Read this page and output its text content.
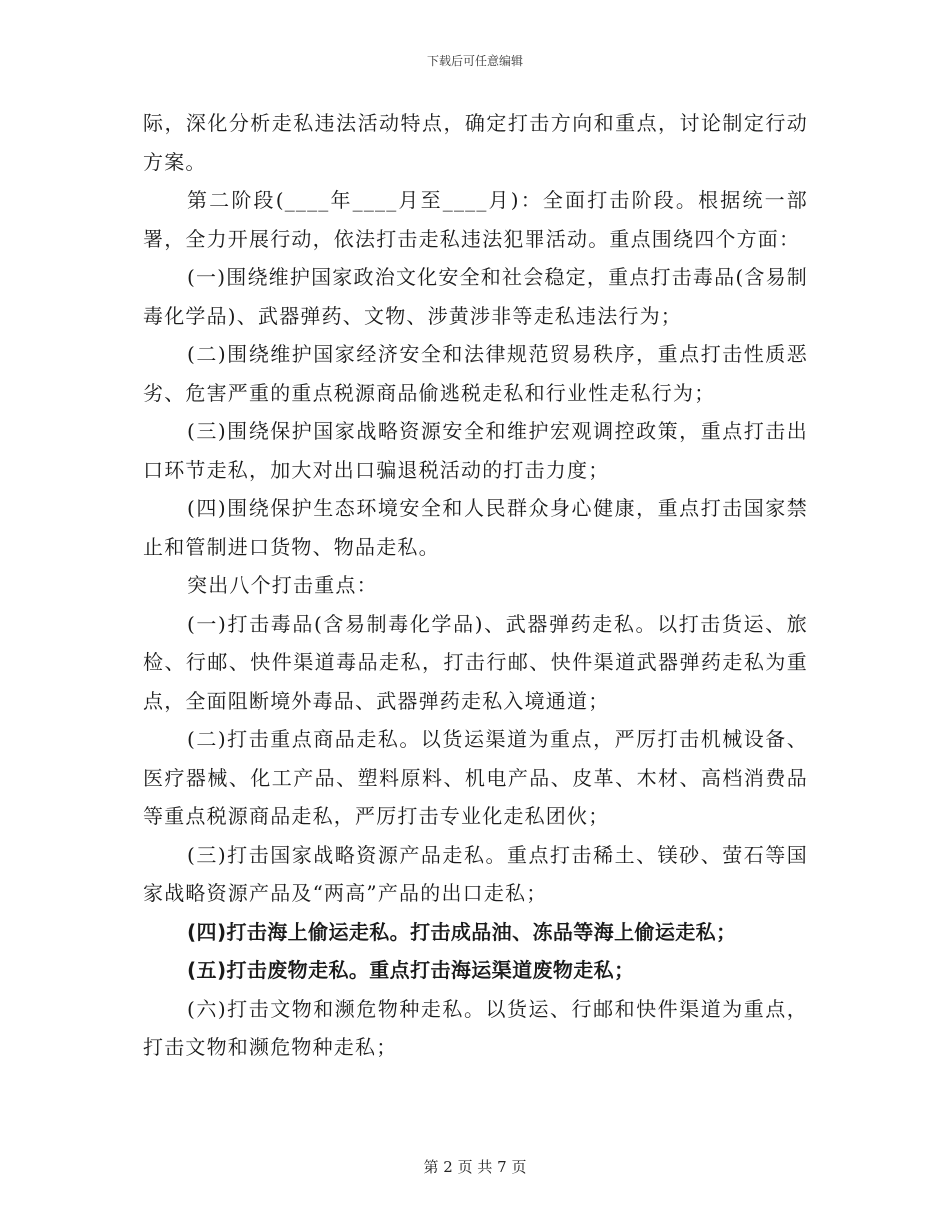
下载后可任意编辑

际，深化分析走私违法活动特点，确定打击方向和重点，讨论制定行动方案。

第二阶段(____年____月至____月)：全面打击阶段。根据统一部署，全力开展行动，依法打击走私违法犯罪活动。重点围绕四个方面：

(一)围绕维护国家政治文化安全和社会稳定，重点打击毒品(含易制毒化学品)、武器弹药、文物、涉黄涉非等走私违法行为；

(二)围绕维护国家经济安全和法律规范贸易秩序，重点打击性质恶劣、危害严重的重点税源商品偷逃税走私和行业性走私行为；

(三)围绕保护国家战略资源安全和维护宏观调控政策，重点打击出口环节走私，加大对出口骗退税活动的打击力度；

(四)围绕保护生态环境安全和人民群众身心健康，重点打击国家禁止和管制进口货物、物品走私。

突出八个打击重点：

(一)打击毒品(含易制毒化学品)、武器弹药走私。以打击货运、旅检、行邮、快件渠道毒品走私，打击行邮、快件渠道武器弹药走私为重点，全面阻断境外毒品、武器弹药走私入境通道；

(二)打击重点商品走私。以货运渠道为重点，严厉打击机械设备、医疗器械、化工产品、塑料原料、机电产品、皮革、木材、高档消费品等重点税源商品走私，严厉打击专业化走私团伙；

(三)打击国家战略资源产品走私。重点打击稀土、镁砂、萤石等国家战略资源产品及“两高”产品的出口走私；

(四)打击海上偷运走私。打击成品油、冻品等海上偷运走私；

(五)打击废物走私。重点打击海运渠道废物走私；

(六)打击文物和濒危物种走私。以货运、行邮和快件渠道为重点，打击文物和濒危物种走私；

第 2 页 共 7 页
